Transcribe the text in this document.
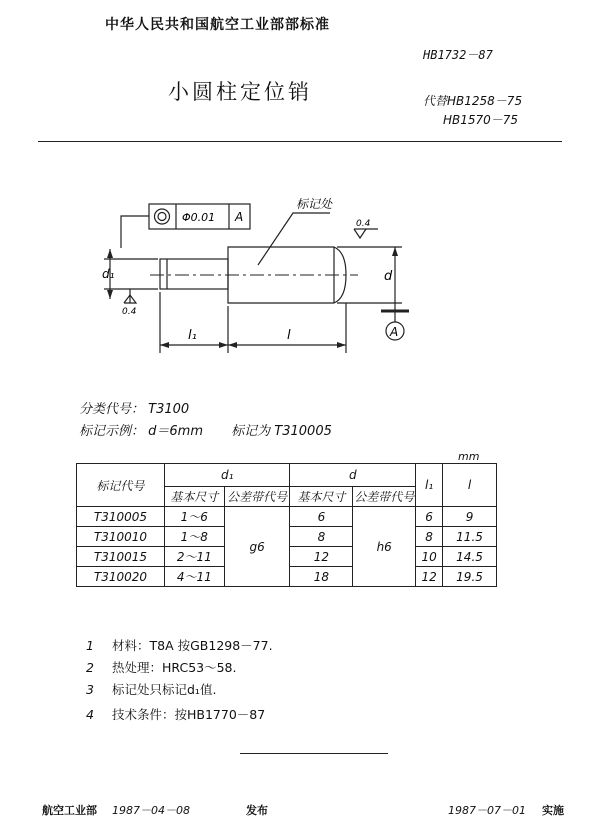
中华人民共和国航空工业部部标准
HB1732－87
小圆柱定位销	代替HB1258－75
HB1570－75
Φ0.01 A
标记处
0.4
0.4
d₁	d
l₁	l	A
分类代号： T3100
标记示例： d＝6mm 标记为 T310005
mm
标记代号	d₁		d		l₁	l
	基本尺寸	公差带代号	基本尺寸	公差带代号		
T310005	1～6	g6	6	h6	6	9
T310010	1～8		8		8	11.5
T310015	2～11		12		10	14.5
T310020	4～11		18		12	19.5
1 材料：T8A 按GB1298－77.
2 热处理：HRC53～58.
3 标记处只标记d₁值.
4 技术条件：按HB1770－87
航空工业部 1987－04－08	发布	1987－07－01 实施
